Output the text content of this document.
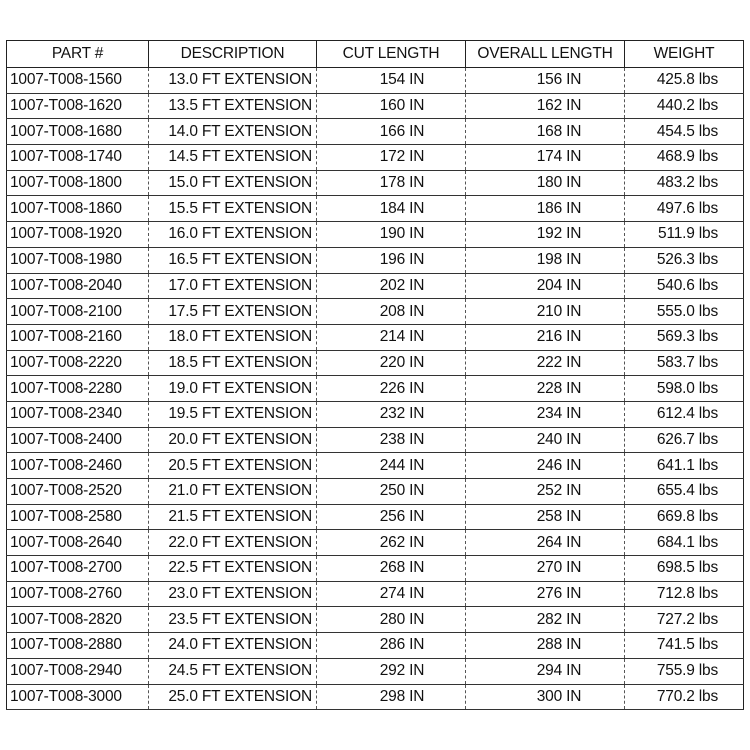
PART #	DESCRIPTION	CUT LENGTH	OVERALL LENGTH	WEIGHT
1007-T008-1560	13.0 FT EXTENSION	154 IN	156 IN	425.8 lbs
1007-T008-1620	13.5 FT EXTENSION	160 IN	162 IN	440.2 lbs
1007-T008-1680	14.0 FT EXTENSION	166 IN	168 IN	454.5 lbs
1007-T008-1740	14.5 FT EXTENSION	172 IN	174 IN	468.9 lbs
1007-T008-1800	15.0 FT EXTENSION	178 IN	180 IN	483.2 lbs
1007-T008-1860	15.5 FT EXTENSION	184 IN	186 IN	497.6 lbs
1007-T008-1920	16.0 FT EXTENSION	190 IN	192 IN	511.9 lbs
1007-T008-1980	16.5 FT EXTENSION	196 IN	198 IN	526.3 lbs
1007-T008-2040	17.0 FT EXTENSION	202 IN	204 IN	540.6 lbs
1007-T008-2100	17.5 FT EXTENSION	208 IN	210 IN	555.0 lbs
1007-T008-2160	18.0 FT EXTENSION	214 IN	216 IN	569.3 lbs
1007-T008-2220	18.5 FT EXTENSION	220 IN	222 IN	583.7 lbs
1007-T008-2280	19.0 FT EXTENSION	226 IN	228 IN	598.0 lbs
1007-T008-2340	19.5 FT EXTENSION	232 IN	234 IN	612.4 lbs
1007-T008-2400	20.0 FT EXTENSION	238 IN	240 IN	626.7 lbs
1007-T008-2460	20.5 FT EXTENSION	244 IN	246 IN	641.1 lbs
1007-T008-2520	21.0 FT EXTENSION	250 IN	252 IN	655.4 lbs
1007-T008-2580	21.5 FT EXTENSION	256 IN	258 IN	669.8 lbs
1007-T008-2640	22.0 FT EXTENSION	262 IN	264 IN	684.1 lbs
1007-T008-2700	22.5 FT EXTENSION	268 IN	270 IN	698.5 lbs
1007-T008-2760	23.0 FT EXTENSION	274 IN	276 IN	712.8 lbs
1007-T008-2820	23.5 FT EXTENSION	280 IN	282 IN	727.2 lbs
1007-T008-2880	24.0 FT EXTENSION	286 IN	288 IN	741.5 lbs
1007-T008-2940	24.5 FT EXTENSION	292 IN	294 IN	755.9 lbs
1007-T008-3000	25.0 FT EXTENSION	298 IN	300 IN	770.2 lbs
